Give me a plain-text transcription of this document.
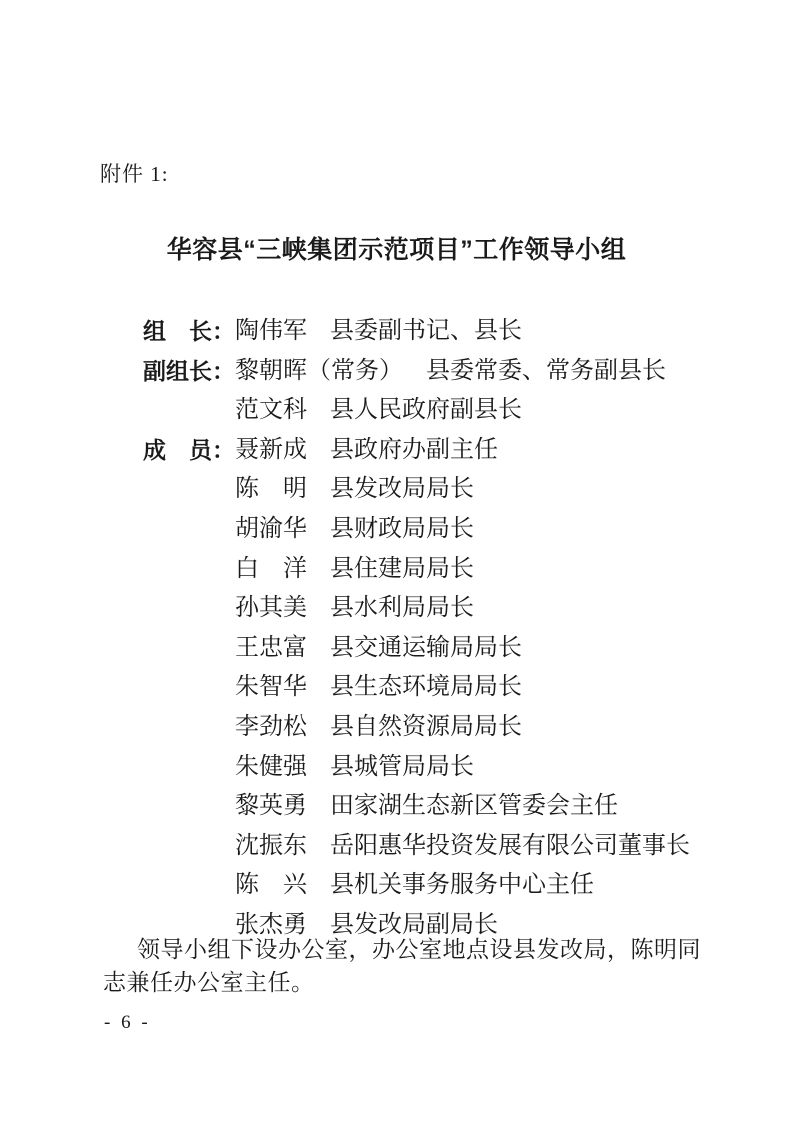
附件 1:
华容县“三峡集团示范项目”工作领导小组
组　长： 陶伟军 县委副书记、县长
副组长： 黎朝晖（常务） 县委常委、常务副县长
范文科 县人民政府副县长
成　员： 聂新成 县政府办副主任
陈　明 县发改局局长
胡渝华 县财政局局长
白　洋 县住建局局长
孙其美 县水利局局长
王忠富 县交通运输局局长
朱智华 县生态环境局局长
李劲松 县自然资源局局长
朱健强 县城管局局长
黎英勇 田家湖生态新区管委会主任
沈振东 岳阳惠华投资发展有限公司董事长
陈　兴 县机关事务服务中心主任
张杰勇 县发改局副局长

领导小组下设办公室，办公室地点设县发改局，陈明同志兼任办公室主任。

- 6 -
